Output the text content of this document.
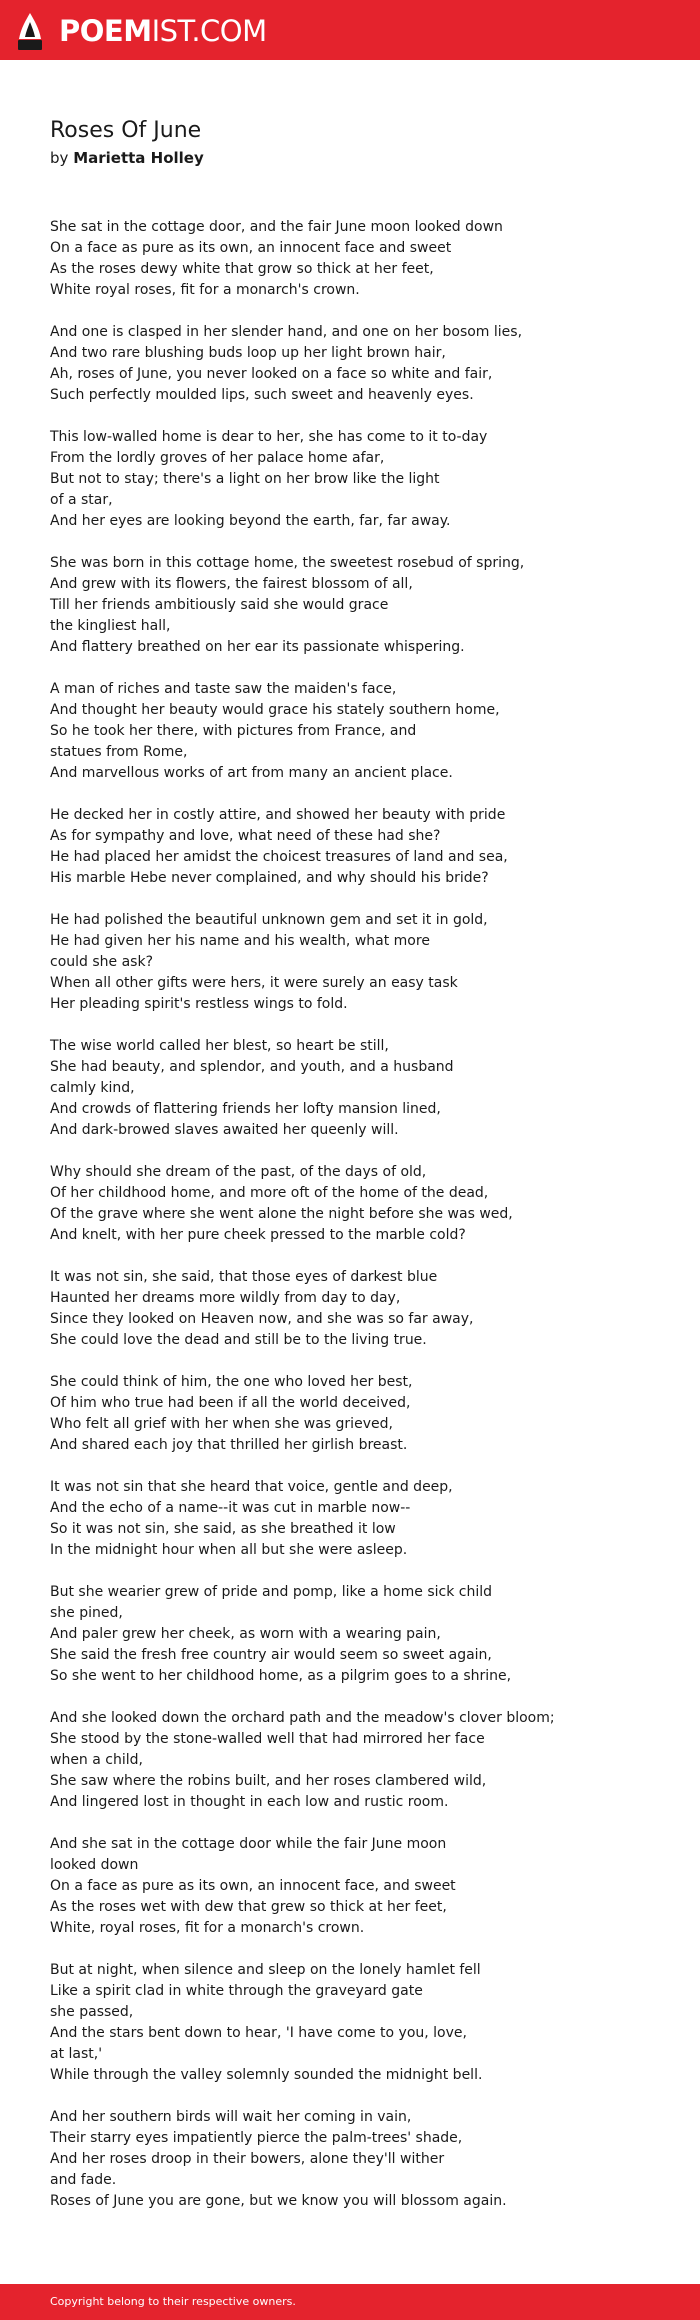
POEMIST.COM
Roses Of June
by Marietta Holley
She sat in the cottage door, and the fair June moon looked down
On a face as pure as its own, an innocent face and sweet
As the roses dewy white that grow so thick at her feet,
White royal roses, fit for a monarch's crown.
And one is clasped in her slender hand, and one on her bosom lies,
And two rare blushing buds loop up her light brown hair,
Ah, roses of June, you never looked on a face so white and fair,
Such perfectly moulded lips, such sweet and heavenly eyes.
This low-walled home is dear to her, she has come to it to-day
From the lordly groves of her palace home afar,
But not to stay; there's a light on her brow like the light
of a star,
And her eyes are looking beyond the earth, far, far away.
She was born in this cottage home, the sweetest rosebud of spring,
And grew with its flowers, the fairest blossom of all,
Till her friends ambitiously said she would grace
the kingliest hall,
And flattery breathed on her ear its passionate whispering.
A man of riches and taste saw the maiden's face,
And thought her beauty would grace his stately southern home,
So he took her there, with pictures from France, and
statues from Rome,
And marvellous works of art from many an ancient place.
He decked her in costly attire, and showed her beauty with pride
As for sympathy and love, what need of these had she?
He had placed her amidst the choicest treasures of land and sea,
His marble Hebe never complained, and why should his bride?
He had polished the beautiful unknown gem and set it in gold,
He had given her his name and his wealth, what more
could she ask?
When all other gifts were hers, it were surely an easy task
Her pleading spirit's restless wings to fold.
The wise world called her blest, so heart be still,
She had beauty, and splendor, and youth, and a husband
calmly kind,
And crowds of flattering friends her lofty mansion lined,
And dark-browed slaves awaited her queenly will.
Why should she dream of the past, of the days of old,
Of her childhood home, and more oft of the home of the dead,
Of the grave where she went alone the night before she was wed,
And knelt, with her pure cheek pressed to the marble cold?
It was not sin, she said, that those eyes of darkest blue
Haunted her dreams more wildly from day to day,
Since they looked on Heaven now, and she was so far away,
She could love the dead and still be to the living true.
She could think of him, the one who loved her best,
Of him who true had been if all the world deceived,
Who felt all grief with her when she was grieved,
And shared each joy that thrilled her girlish breast.
It was not sin that she heard that voice, gentle and deep,
And the echo of a name--it was cut in marble now--
So it was not sin, she said, as she breathed it low
In the midnight hour when all but she were asleep.
But she wearier grew of pride and pomp, like a home sick child
she pined,
And paler grew her cheek, as worn with a wearing pain,
She said the fresh free country air would seem so sweet again,
So she went to her childhood home, as a pilgrim goes to a shrine,
And she looked down the orchard path and the meadow's clover bloom;
She stood by the stone-walled well that had mirrored her face
when a child,
She saw where the robins built, and her roses clambered wild,
And lingered lost in thought in each low and rustic room.
And she sat in the cottage door while the fair June moon
looked down
On a face as pure as its own, an innocent face, and sweet
As the roses wet with dew that grew so thick at her feet,
White, royal roses, fit for a monarch's crown.
But at night, when silence and sleep on the lonely hamlet fell
Like a spirit clad in white through the graveyard gate
she passed,
And the stars bent down to hear, 'I have come to you, love,
at last,'
While through the valley solemnly sounded the midnight bell.
And her southern birds will wait her coming in vain,
Their starry eyes impatiently pierce the palm-trees' shade,
And her roses droop in their bowers, alone they'll wither
and fade.
Roses of June you are gone, but we know you will blossom again.
Copyright belong to their respective owners.
